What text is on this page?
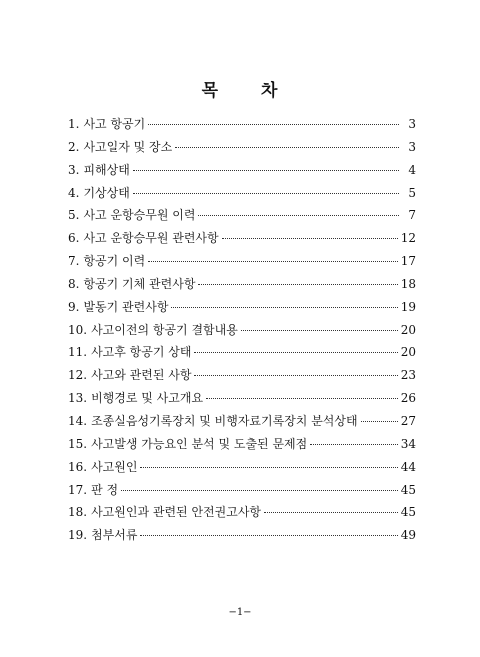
목 차
1. 사고 항공기	3
2. 사고일자 및 장소	3
3. 피해상태	4
4. 기상상태	5
5. 사고 운항승무원 이력	7
6. 사고 운항승무원 관련사항	12
7. 항공기 이력	17
8. 항공기 기체 관련사항	18
9. 발동기 관련사항	19
10. 사고이전의 항공기 결함내용	20
11. 사고후 항공기 상태	20
12. 사고와 관련된 사항	23
13. 비행경로 및 사고개요	26
14. 조종실음성기록장치 및 비행자료기록장치 분석상태	27
15. 사고발생 가능요인 분석 및 도출된 문제점	34
16. 사고원인	44
17. 판 정	45
18. 사고원인과 관련된 안전권고사항	45
19. 첨부서류	49
−1−
